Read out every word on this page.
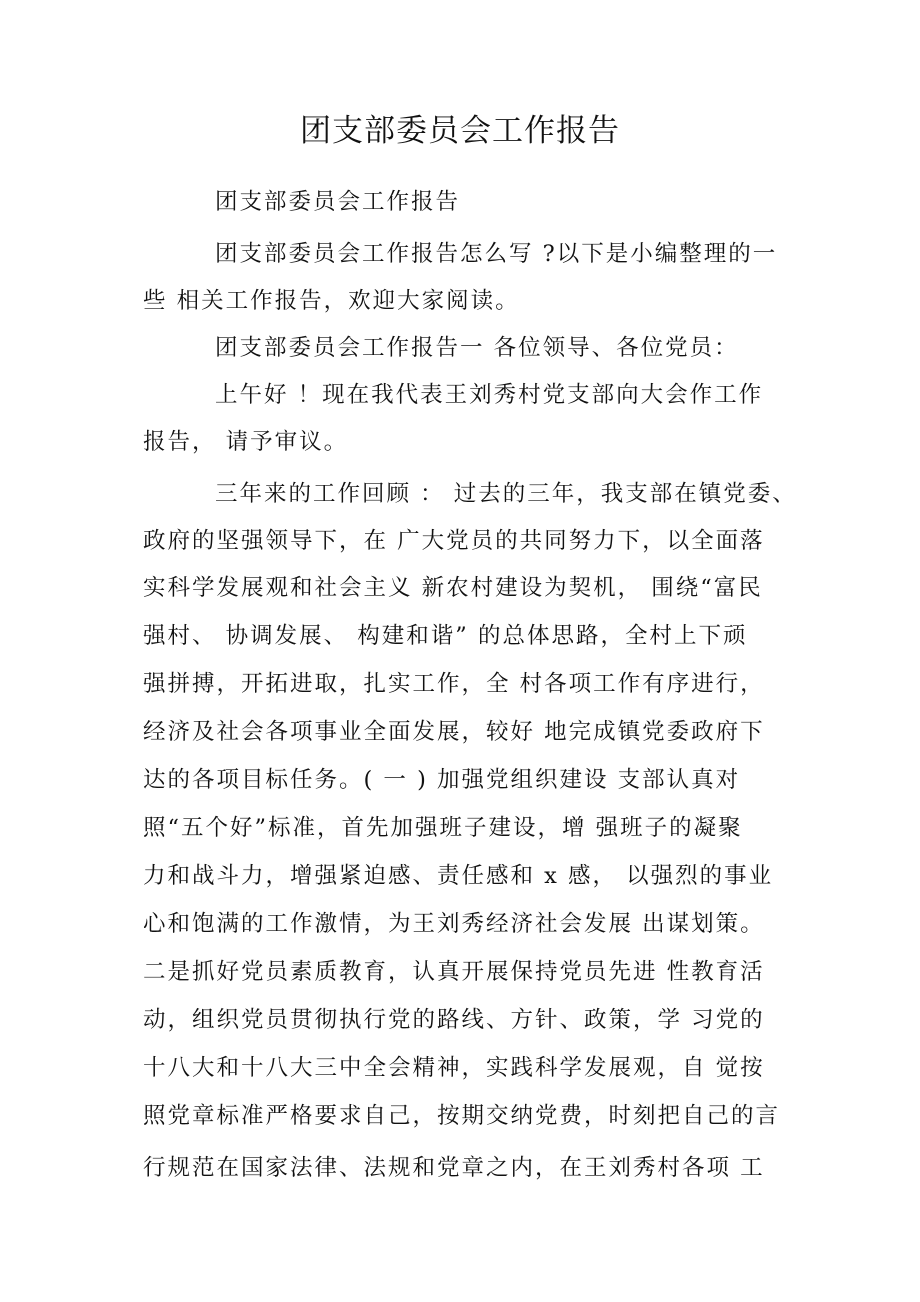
团支部委员会工作报告
团支部委员会工作报告
团支部委员会工作报告怎么写 ?以下是小编整理的一
些 相关工作报告，欢迎大家阅读。
团支部委员会工作报告一 各位领导、各位党员：
上午好 ！现在我代表王刘秀村党支部向大会作工作
报告， 请予审议。
三年来的工作回顾 ： 过去的三年，我支部在镇党委、
政府的坚强领导下，在 广大党员的共同努力下，以全面落
实科学发展观和社会主义 新农村建设为契机， 围绕“富民
强村、 协调发展、 构建和谐” 的总体思路，全村上下顽
强拼搏，开拓进取，扎实工作，全 村各项工作有序进行，
经济及社会各项事业全面发展，较好 地完成镇党委政府下
达的各项目标任务。( 一 ) 加强党组织建设 支部认真对
照“五个好”标准，首先加强班子建设，增 强班子的凝聚
力和战斗力，增强紧迫感、责任感和 x 感， 以强烈的事业
心和饱满的工作激情，为王刘秀经济社会发展 出谋划策。
二是抓好党员素质教育，认真开展保持党员先进 性教育活
动，组织党员贯彻执行党的路线、方针、政策，学 习党的
十八大和十八大三中全会精神，实践科学发展观，自 觉按
照党章标准严格要求自己，按期交纳党费，时刻把自己的言
行规范在国家法律、法规和党章之内，在王刘秀村各项 工
